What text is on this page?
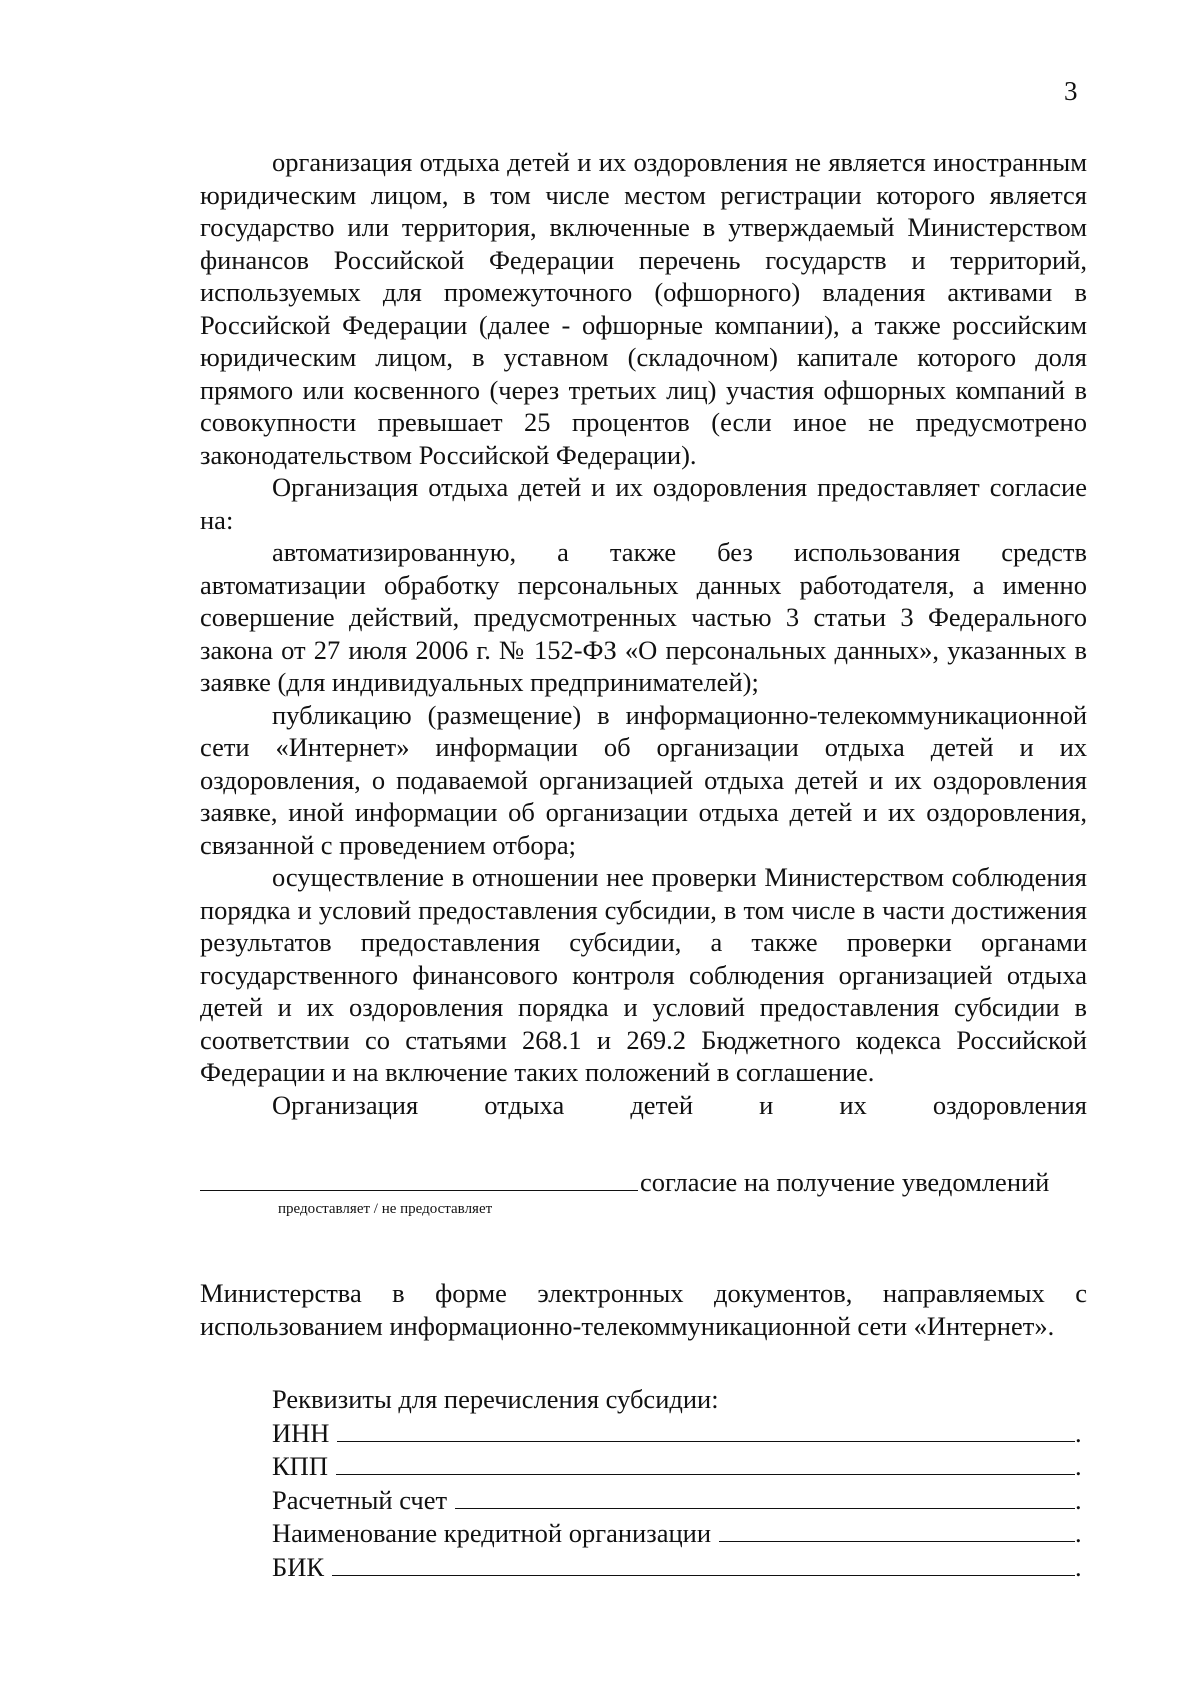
3

организация отдыха детей и их оздоровления не является иностранным юридическим лицом, в том числе местом регистрации которого является государство или территория, включенные в утверждаемый Министерством финансов Российской Федерации перечень государств и территорий, используемых для промежуточного (офшорного) владения активами в Российской Федерации (далее - офшорные компании), а также российским юридическим лицом, в уставном (складочном) капитале которого доля прямого или косвенного (через третьих лиц) участия офшорных компаний в совокупности превышает 25 процентов (если иное не предусмотрено законодательством Российской Федерации).

Организация отдыха детей и их оздоровления предоставляет согласие на:

автоматизированную, а также без использования средств автоматизации обработку персональных данных работодателя, а именно совершение действий, предусмотренных частью 3 статьи 3 Федерального закона от 27 июля 2006 г. № 152-ФЗ «О персональных данных», указанных в заявке (для индивидуальных предпринимателей);

публикацию (размещение) в информационно-телекоммуникационной сети «Интернет» информации об организации отдыха детей и их оздоровления, о подаваемой организацией отдыха детей и их оздоровления заявке, иной информации об организации отдыха детей и их оздоровления, связанной с проведением отбора;

осуществление в отношении нее проверки Министерством соблюдения порядка и условий предоставления субсидии, в том числе в части достижения результатов предоставления субсидии, а также проверки органами государственного финансового контроля соблюдения организацией отдыха детей и их оздоровления порядка и условий предоставления субсидии в соответствии со статьями 268.1 и 269.2 Бюджетного кодекса Российской Федерации и на включение таких положений в соглашение.

Организация отдыха детей и их оздоровления

согласие на получение уведомлений
предоставляет / не предоставляет

Министерства в форме электронных документов, направляемых с использованием информационно-телекоммуникационной сети «Интернет».

Реквизиты для перечисления субсидии:

ИНН	.
КПП	.
Расчетный счет	.
Наименование кредитной организации	.
БИК	.
